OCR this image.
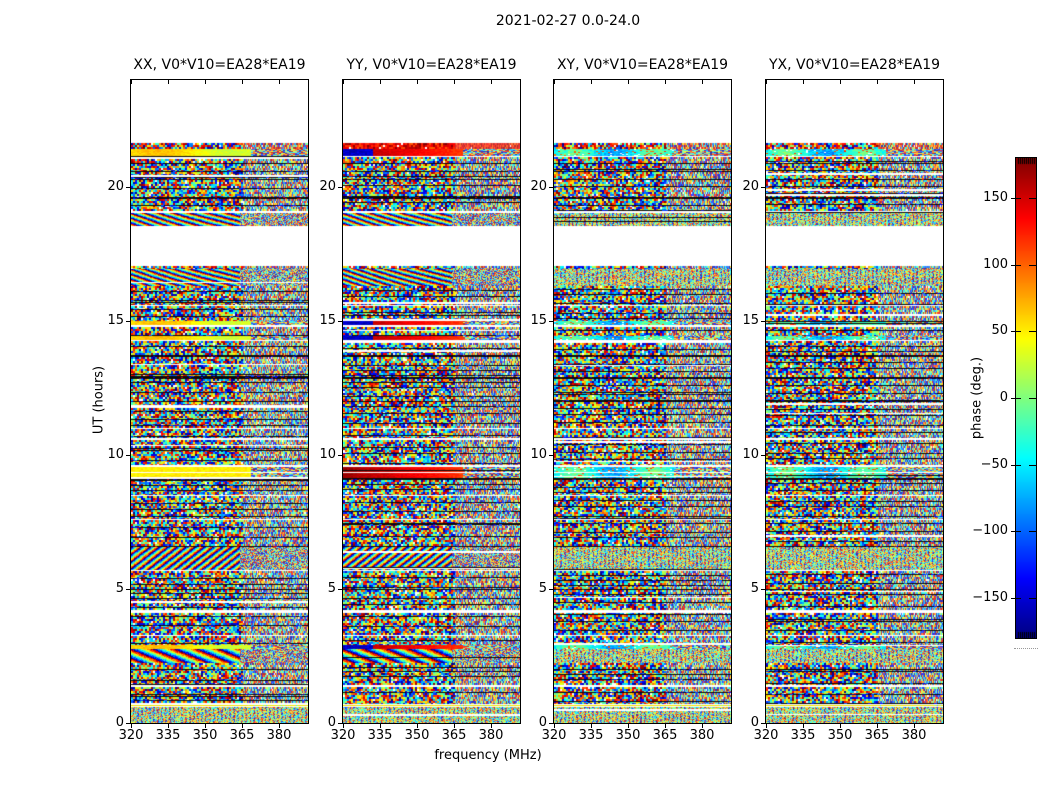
2021-02-27 0.0-24.0
UT (hours)
frequency (MHz)
XX, V0*V10=EA28*EA19	YY, V0*V10=EA28*EA19	XY, V0*V10=EA28*EA19	YX, V0*V10=EA28*EA19
phase (deg.)
320 335 350 365 380
0
5
10
15
20
320 335 350 365 380
0
5
10
15
20
320 335 350 365 380
0
5
10
15
20
320 335 350 365 380
0
5
10
15
20
150
100
50
0
−50
−100
−150
